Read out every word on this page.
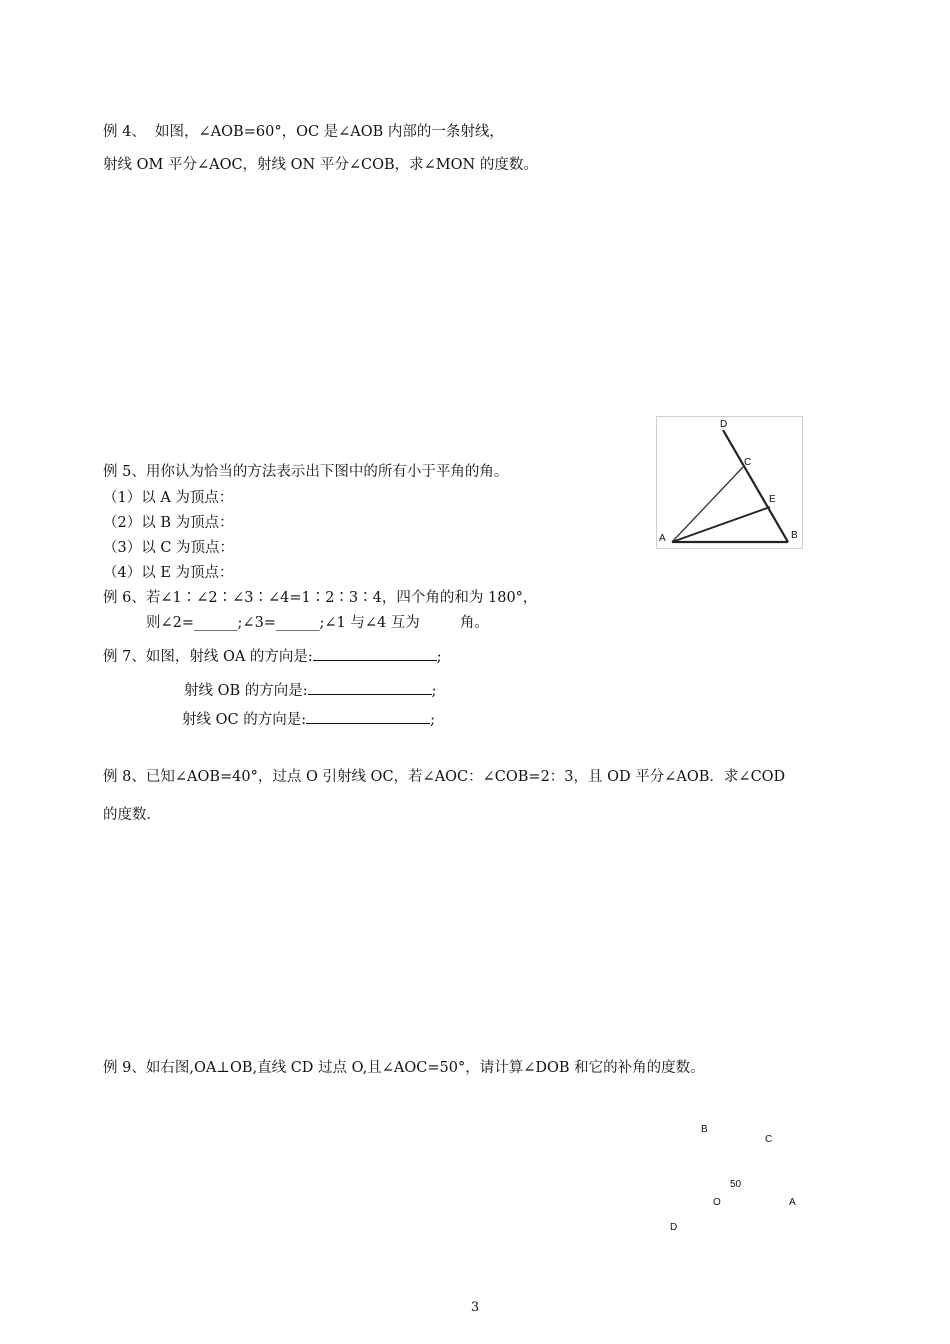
例 4、  如图，∠AOB=60°，OC 是∠AOB 内部的一条射线，
射线 OM 平分∠AOC，射线 ON 平分∠COB，求∠MON 的度数。
例 5、用你认为恰当的方法表示出下图中的所有小于平角的角。
（1）以 A 为顶点：
（2）以 B 为顶点：
（3）以 C 为顶点：
（4）以 E 为顶点：
D
C
E
A	B
例 6、若∠1∶∠2∶∠3∶∠4=1∶2∶3∶4，四个角的和为 180°，
则∠2=______;∠3=______;∠1 与∠4 互为	角。
例 7、如图，射线 OA 的方向是:	;
射线 OB 的方向是:	;
射线 OC 的方向是:	;
例 8、已知∠AOB=40°，过点 O 引射线 OC，若∠AOC：∠COB=2：3，且 OD 平分∠AOB．求∠COD
的度数．
例 9、如右图,OA⊥OB,直线 CD 过点 O,且∠AOC=50°，请计算∠DOB 和它的补角的度数。
B
C
50
O	A
D
3
